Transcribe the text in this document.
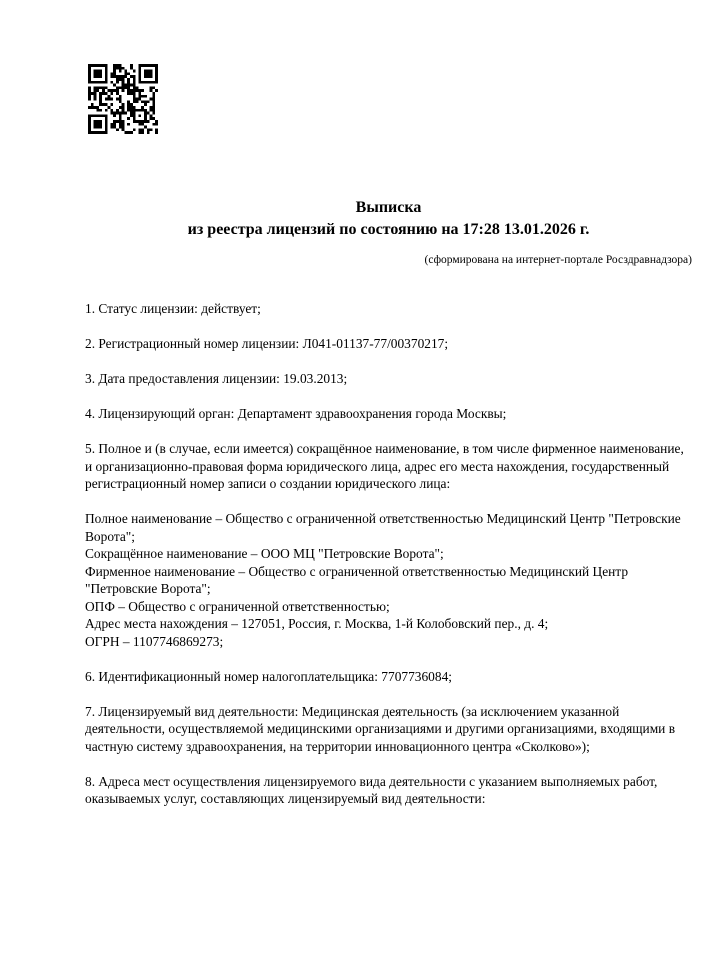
Выписка
из реестра лицензий по состоянию на 17:28 13.01.2026 г.
(сформирована на интернет-портале Росздравнадзора)

1. Статус лицензии: действует;

2. Регистрационный номер лицензии: Л041-01137-77/00370217;

3. Дата предоставления лицензии: 19.03.2013;

4. Лицензирующий орган: Департамент здравоохранения города Москвы;

5. Полное и (в случае, если имеется) сокращённое наименование, в том числе фирменное наименование, и организационно-правовая форма юридического лица, адрес его места нахождения, государственный регистрационный номер записи о создании юридического лица:

Полное наименование – Общество с ограниченной ответственностью Медицинский Центр "Петровские Ворота";
Сокращённое наименование – ООО МЦ "Петровские Ворота";
Фирменное наименование – Общество с ограниченной ответственностью Медицинский Центр "Петровские Ворота";
ОПФ – Общество с ограниченной ответственностью;
Адрес места нахождения – 127051, Россия, г. Москва, 1-й Колобовский пер., д. 4;
ОГРН – 1107746869273;

6. Идентификационный номер налогоплательщика: 7707736084;

7. Лицензируемый вид деятельности: Медицинская деятельность (за исключением указанной деятельности, осуществляемой медицинскими организациями и другими организациями, входящими в частную систему здравоохранения, на территории инновационного центра «Сколково»);

8. Адреса мест осуществления лицензируемого вида деятельности с указанием выполняемых работ, оказываемых услуг, составляющих лицензируемый вид деятельности:
